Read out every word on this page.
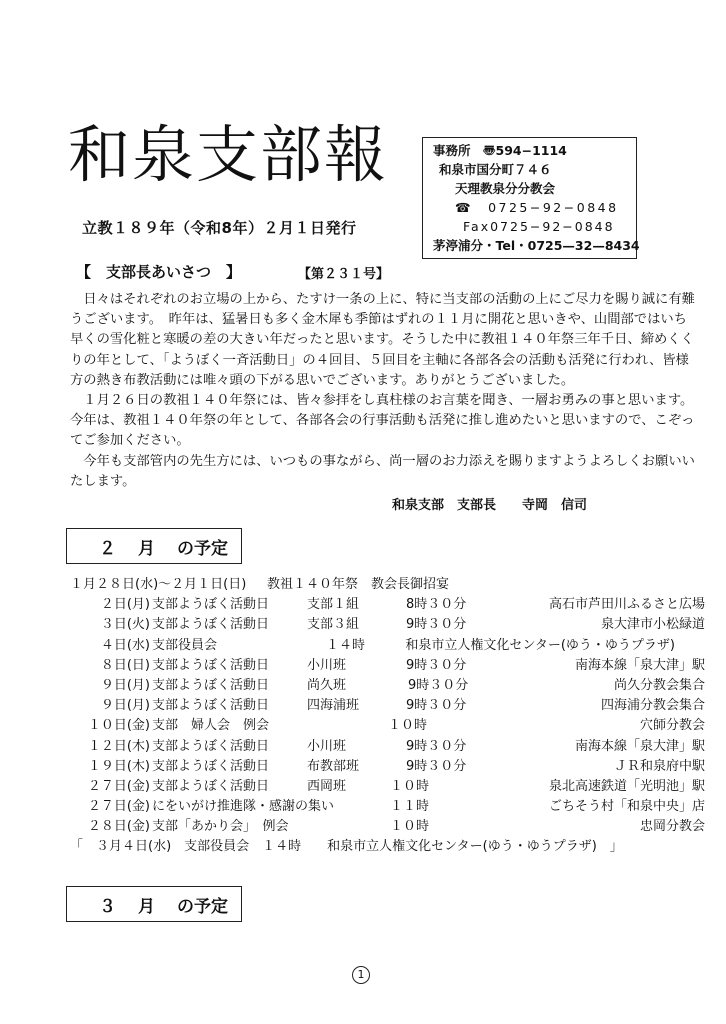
和泉支部報
立教１８９年（令和8年）２月１日発行
事務所　〠594−1114
和泉市国分町７４６
天理教泉分分教会
☎　0725−92−0848
Fax0725−92−0848
茅渟浦分・Tel・0725—32—8434
【　支部長あいさつ　】	【第２３１号】

日々はそれぞれのお立場の上から、たすけ一条の上に、特に当支部の活動の上にご尽力を賜り誠に有難うございます。　昨年は、猛暑日も多く金木犀も季節はずれの１１月に開花と思いきや、山間部ではいち早くの雪化粧と寒暖の差の大きい年だったと思います。そうした中に教祖１４０年祭三年千日、締めくくりの年として、「ようぼく一斉活動日」の４回目、５回目を主軸に各部各会の活動も活発に行われ、皆様方の熱き布教活動には唯々頭の下がる思いでございます。ありがとうございました。

１月２６日の教祖１４０年祭には、皆々参拝をし真柱様のお言葉を聞き、一層お勇みの事と思います。　今年は、教祖１４０年祭の年として、各部各会の行事活動も活発に推し進めたいと思いますので、こぞってご参加ください。

今年も支部管内の先生方には、いつもの事ながら、尚一層のお力添えを賜りますようよろしくお願いいたします。

和泉支部　支部長　　寺岡　信司
２ 月 の予定
１月２８日(水)～２月１日(日) 教祖１４０年祭　教会長御招宴
２日(月) 支部ようぼく活動日	支部１組	8時３０分	高石市芦田川ふるさと広場
３日(火) 支部ようぼく活動日	支部３組	9時３０分	泉大津市小松緑道
４日(水) 支部役員会	１４時	和泉市立人権文化センター(ゆう・ゆうプラザ)
８日(日) 支部ようぼく活動日	小川班	9時３０分	南海本線「泉大津」駅
９日(月) 支部ようぼく活動日	尚久班	9時３０分	尚久分教会集合
９日(月) 支部ようぼく活動日	四海浦班	9時３０分	四海浦分教会集合
１０日(金) 支部　婦人会　例会	１０時	穴師分教会
１２日(木) 支部ようぼく活動日	小川班	9時３０分	南海本線「泉大津」駅
１９日(木) 支部ようぼく活動日	布教部班	9時３０分	ＪＲ和泉府中駅
２７日(金) 支部ようぼく活動日	西岡班	１０時	泉北高速鉄道「光明池」駅
２７日(金) にをいがけ推進隊・感謝の集い	１１時	ごちそう村「和泉中央」店
２８日(金) 支部「あかり会」　例会	１０時	忠岡分教会
「　３月４日(水)　支部役員会　１４時　　和泉市立人権文化センター(ゆう・ゆうプラザ)　」
３ 月 の予定
1
